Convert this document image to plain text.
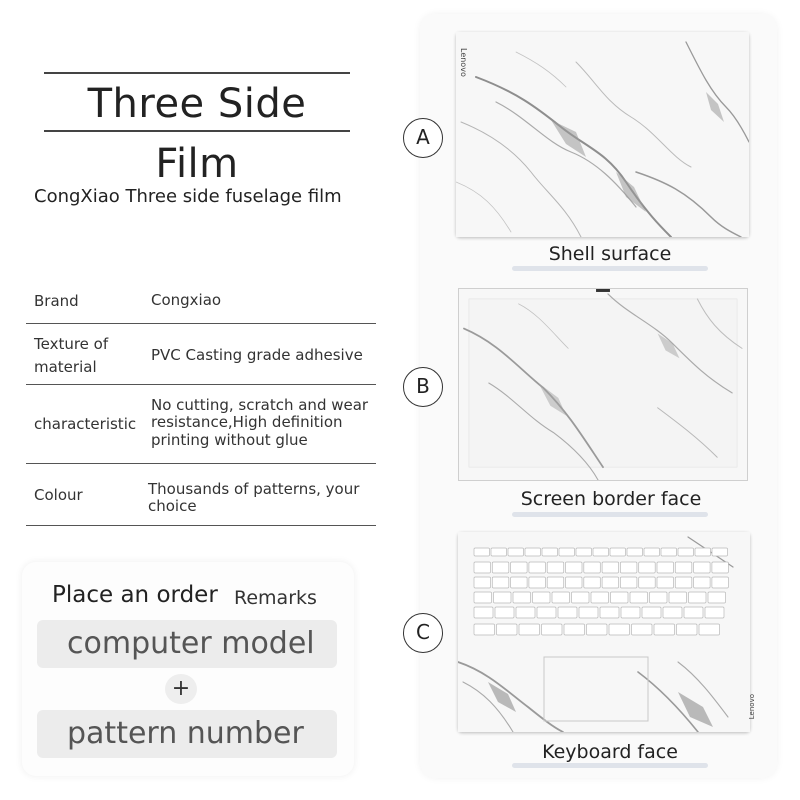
Three Side Film
CongXiao Three side fuselage film
Brand	Congxiao
Texture of material
PVC Casting grade adhesive
characteristic
No cutting, scratch and wear resistance,High definition printing without glue
Colour	Thousands of patterns, your choice
Place an order Remarks
computer model
+
pattern number
A
B
C
Lenovo
Shell surface
Screen border face
Lenovo
Keyboard face
